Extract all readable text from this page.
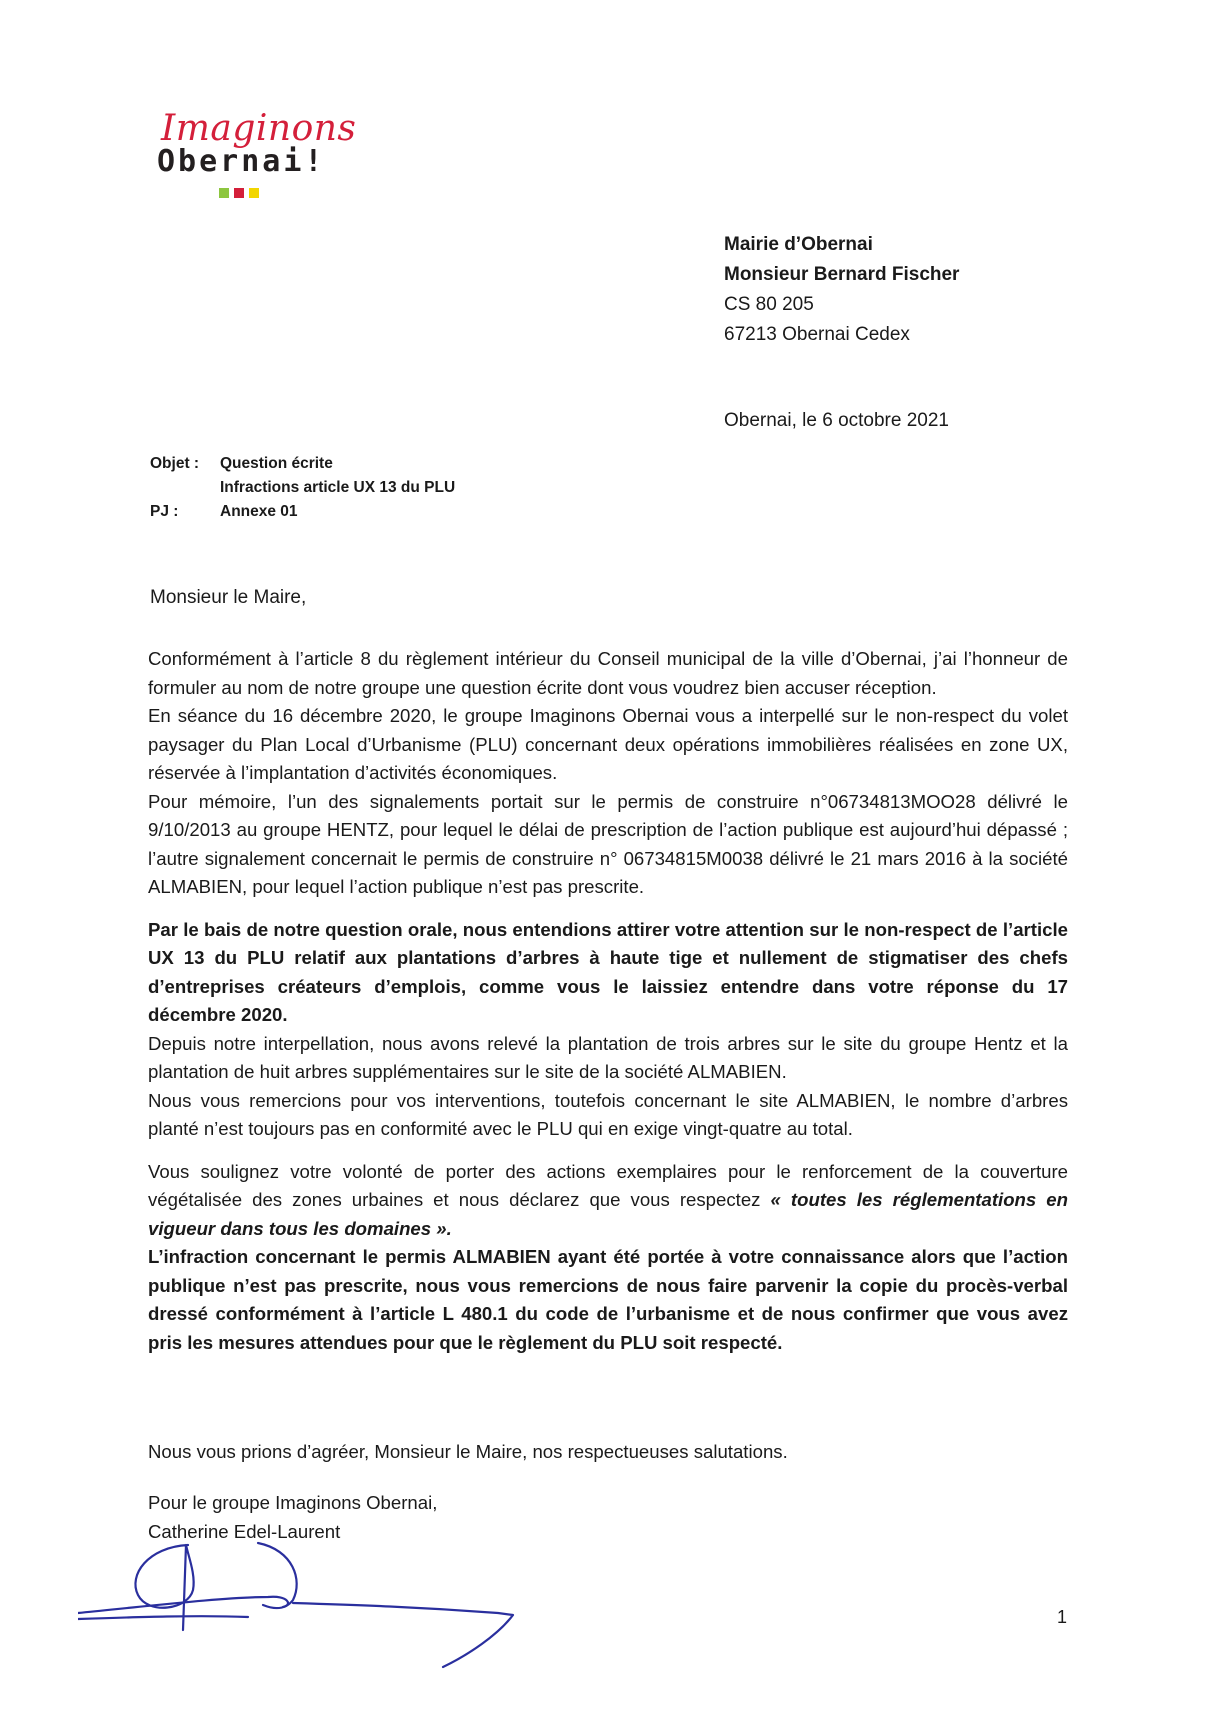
Imaginons
Obernai!
Mairie d’Obernai
Monsieur Bernard Fischer
CS 80 205
67213 Obernai Cedex
Obernai, le 6 octobre 2021
Objet :	Question écrite
Infractions article UX 13 du PLU
PJ :	Annexe 01
Monsieur le Maire,

Conformément à l’article 8 du règlement intérieur du Conseil municipal de la ville d’Obernai, j’ai l’honneur de formuler au nom de notre groupe une question écrite dont vous voudrez bien accuser réception.

En séance du 16 décembre 2020, le groupe Imaginons Obernai vous a interpellé sur le non-respect du volet paysager du Plan Local d’Urbanisme (PLU) concernant deux opérations immobilières réalisées en zone UX, réservée à l’implantation d’activités économiques.

Pour mémoire, l’un des signalements portait sur le permis de construire n°06734813MOO28 délivré le 9/10/2013 au groupe HENTZ, pour lequel le délai de prescription de l’action publique est aujourd’hui dépassé ; l’autre signalement concernait le permis de construire n° 06734815M0038 délivré le 21 mars 2016 à la société ALMABIEN, pour lequel l’action publique n’est pas prescrite.

Par le bais de notre question orale, nous entendions attirer votre attention sur le non-respect de l’article UX 13 du PLU relatif aux plantations d’arbres à haute tige et nullement de stigmatiser des chefs d’entreprises créateurs d’emplois, comme vous le laissiez entendre dans votre réponse du 17 décembre 2020.

Depuis notre interpellation, nous avons relevé la plantation de trois arbres sur le site du groupe Hentz et la plantation de huit arbres supplémentaires sur le site de la société ALMABIEN.

Nous vous remercions pour vos interventions, toutefois concernant le site ALMABIEN, le nombre d’arbres planté n’est toujours pas en conformité avec le PLU qui en exige vingt-quatre au total.

Vous soulignez votre volonté de porter des actions exemplaires pour le renforcement de la couverture végétalisée des zones urbaines et nous déclarez que vous respectez « toutes les réglementations en vigueur dans tous les domaines ».

L’infraction concernant le permis ALMABIEN ayant été portée à votre connaissance alors que l’action publique n’est pas prescrite, nous vous remercions de nous faire parvenir la copie du procès-verbal dressé conformément à l’article L 480.1 du code de l’urbanisme et de nous confirmer que vous avez pris les mesures attendues pour que le règlement du PLU soit respecté.

Nous vous prions d’agréer, Monsieur le Maire, nos respectueuses salutations.
Pour le groupe Imaginons Obernai,
Catherine Edel-Laurent
1
